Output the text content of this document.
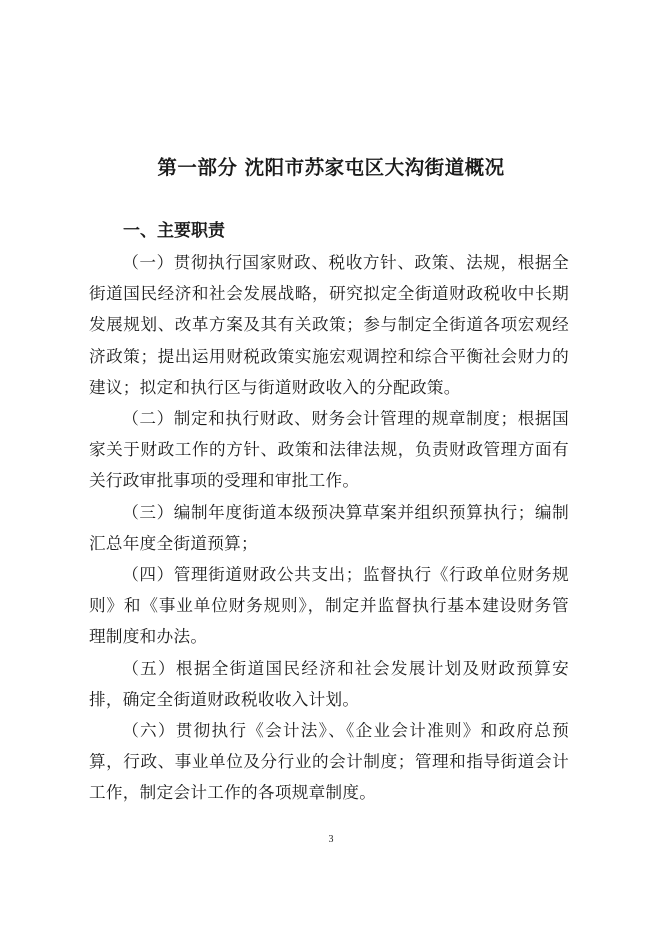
第一部分 沈阳市苏家屯区大沟街道概况
一、主要职责

（一）贯彻执行国家财政、税收方针、政策、法规，根据全街道国民经济和社会发展战略，研究拟定全街道财政税收中长期发展规划、改革方案及其有关政策；参与制定全街道各项宏观经济政策；提出运用财税政策实施宏观调控和综合平衡社会财力的建议；拟定和执行区与街道财政收入的分配政策。

（二）制定和执行财政、财务会计管理的规章制度；根据国家关于财政工作的方针、政策和法律法规，负责财政管理方面有关行政审批事项的受理和审批工作。

（三）编制年度街道本级预决算草案并组织预算执行；编制汇总年度全街道预算；

（四）管理街道财政公共支出；监督执行《行政单位财务规则》和《事业单位财务规则》，制定并监督执行基本建设财务管理制度和办法。

（五）根据全街道国民经济和社会发展计划及财政预算安排，确定全街道财政税收收入计划。

（六）贯彻执行《会计法》、《企业会计准则》和政府总预算，行政、事业单位及分行业的会计制度；管理和指导街道会计工作，制定会计工作的各项规章制度。

3
